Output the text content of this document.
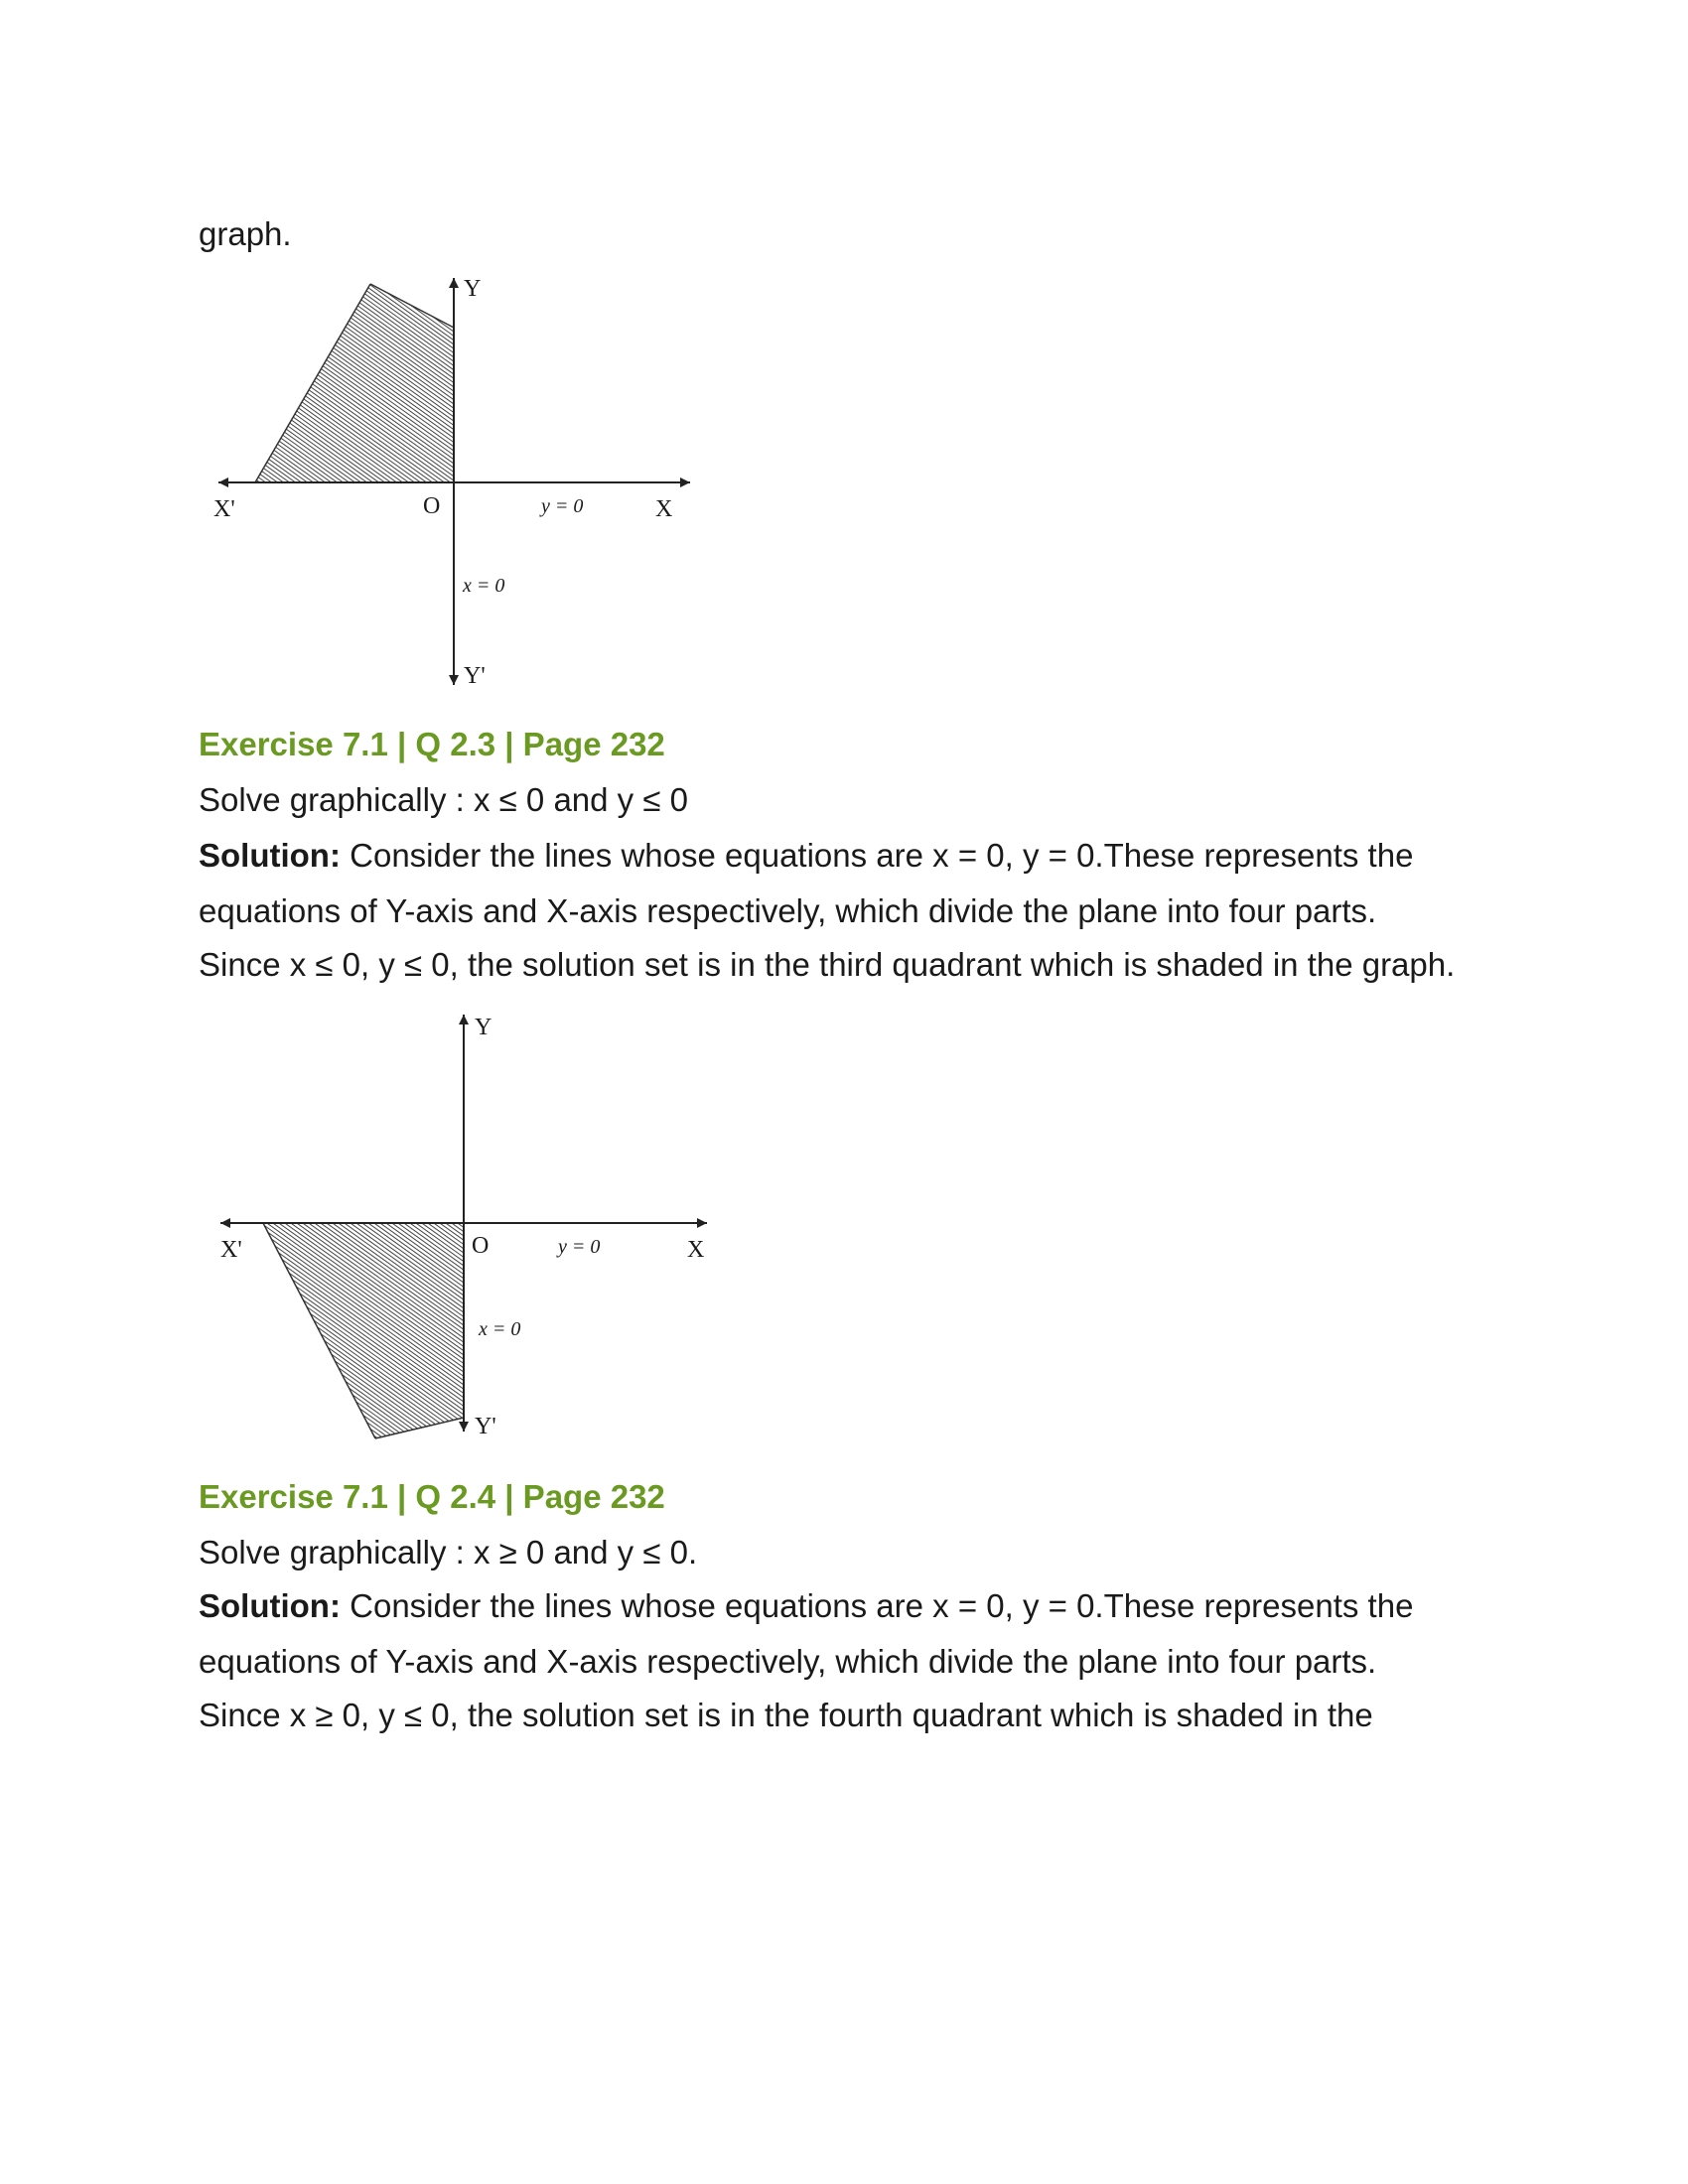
graph.
Y
X'	O	X
Y'
y = 0
x = 0
Exercise 7.1 | Q 2.3 | Page 232
Solve graphically : x ≤ 0 and y ≤ 0
Solution: Consider the lines whose equations are x = 0, y = 0.These represents the
equations of Y-axis and X-axis respectively, which divide the plane into four parts.
Since x ≤ 0, y ≤ 0, the solution set is in the third quadrant which is shaded in the graph.
Y
X'	O	X
Y'
y = 0
x = 0
Exercise 7.1 | Q 2.4 | Page 232
Solve graphically : x ≥ 0 and y ≤ 0.
Solution: Consider the lines whose equations are x = 0, y = 0.These represents the
equations of Y-axis and X-axis respectively, which divide the plane into four parts.
Since x ≥ 0, y ≤ 0, the solution set is in the fourth quadrant which is shaded in the
